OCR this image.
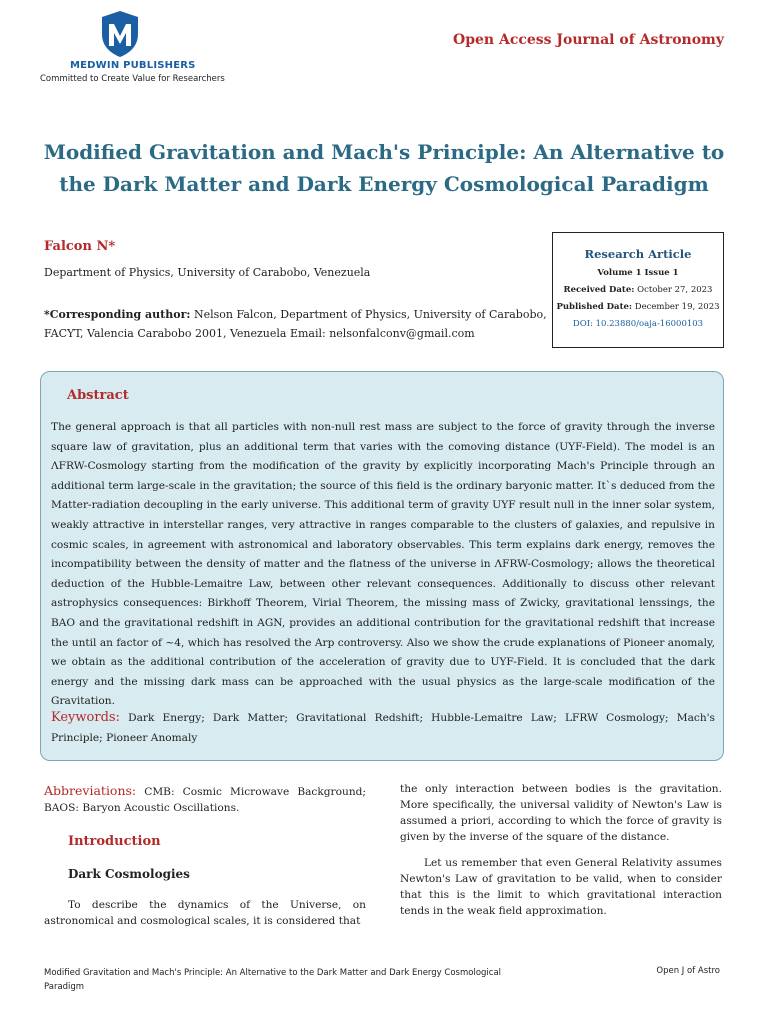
MEDWIN PUBLISHERS
Committed to Create Value for Researchers
Open Access Journal of Astronomy
Modified Gravitation and Mach's Principle: An Alternative to the Dark Matter and Dark Energy Cosmological Paradigm
Falcon N*
Department of Physics, University of Carabobo, Venezuela
*Corresponding author: Nelson Falcon, Department of Physics, University of Carabobo, FACYT, Valencia Carabobo 2001, Venezuela Email: nelsonfalconv@gmail.com
Research Article
Volume 1 Issue 1
Received Date: October 27, 2023
Published Date: December 19, 2023
DOI: 10.23880/oaja-16000103
Abstract
The general approach is that all particles with non-null rest mass are subject to the force of gravity through the inverse square law of gravitation, plus an additional term that varies with the comoving distance (UYF-Field). The model is an ΛFRW-Cosmology starting from the modification of the gravity by explicitly incorporating Mach's Principle through an additional term large-scale in the gravitation; the source of this field is the ordinary baryonic matter. It`s deduced from the Matter-radiation decoupling in the early universe. This additional term of gravity UYF result null in the inner solar system, weakly attractive in interstellar ranges, very attractive in ranges comparable to the clusters of galaxies, and repulsive in cosmic scales, in agreement with astronomical and laboratory observables. This term explains dark energy, removes the incompatibility between the density of matter and the flatness of the universe in ΛFRW-Cosmology; allows the theoretical deduction of the Hubble-Lemaitre Law, between other relevant consequences. Additionally to discuss other relevant astrophysics consequences: Birkhoff Theorem, Virial Theorem, the missing mass of Zwicky, gravitational lenssings, the BAO and the gravitational redshift in AGN, provides an additional contribution for the gravitational redshift that increase the until an factor of ~4, which has resolved the Arp controversy. Also we show the crude explanations of Pioneer anomaly, we obtain as the additional contribution of the acceleration of gravity due to UYF-Field. It is concluded that the dark energy and the missing dark mass can be approached with the usual physics as the large-scale modification of the Gravitation.
Keywords: Dark Energy; Dark Matter; Gravitational Redshift; Hubble-Lemaitre Law; LFRW Cosmology; Mach's Principle; Pioneer Anomaly
Abbreviations: CMB: Cosmic Microwave Background; BAOS: Baryon Acoustic Oscillations.
Introduction
Dark Cosmologies
To describe the dynamics of the Universe, on astronomical and cosmological scales, it is considered that
the only interaction between bodies is the gravitation. More specifically, the universal validity of Newton's Law is assumed a priori, according to which the force of gravity is given by the inverse of the square of the distance.
Let us remember that even General Relativity assumes Newton's Law of gravitation to be valid, when to consider that this is the limit to which gravitational interaction tends in the weak field approximation.
Modified Gravitation and Mach's Principle: An Alternative to the Dark Matter and Dark Energy Cosmological Paradigm
Open J of Astro
